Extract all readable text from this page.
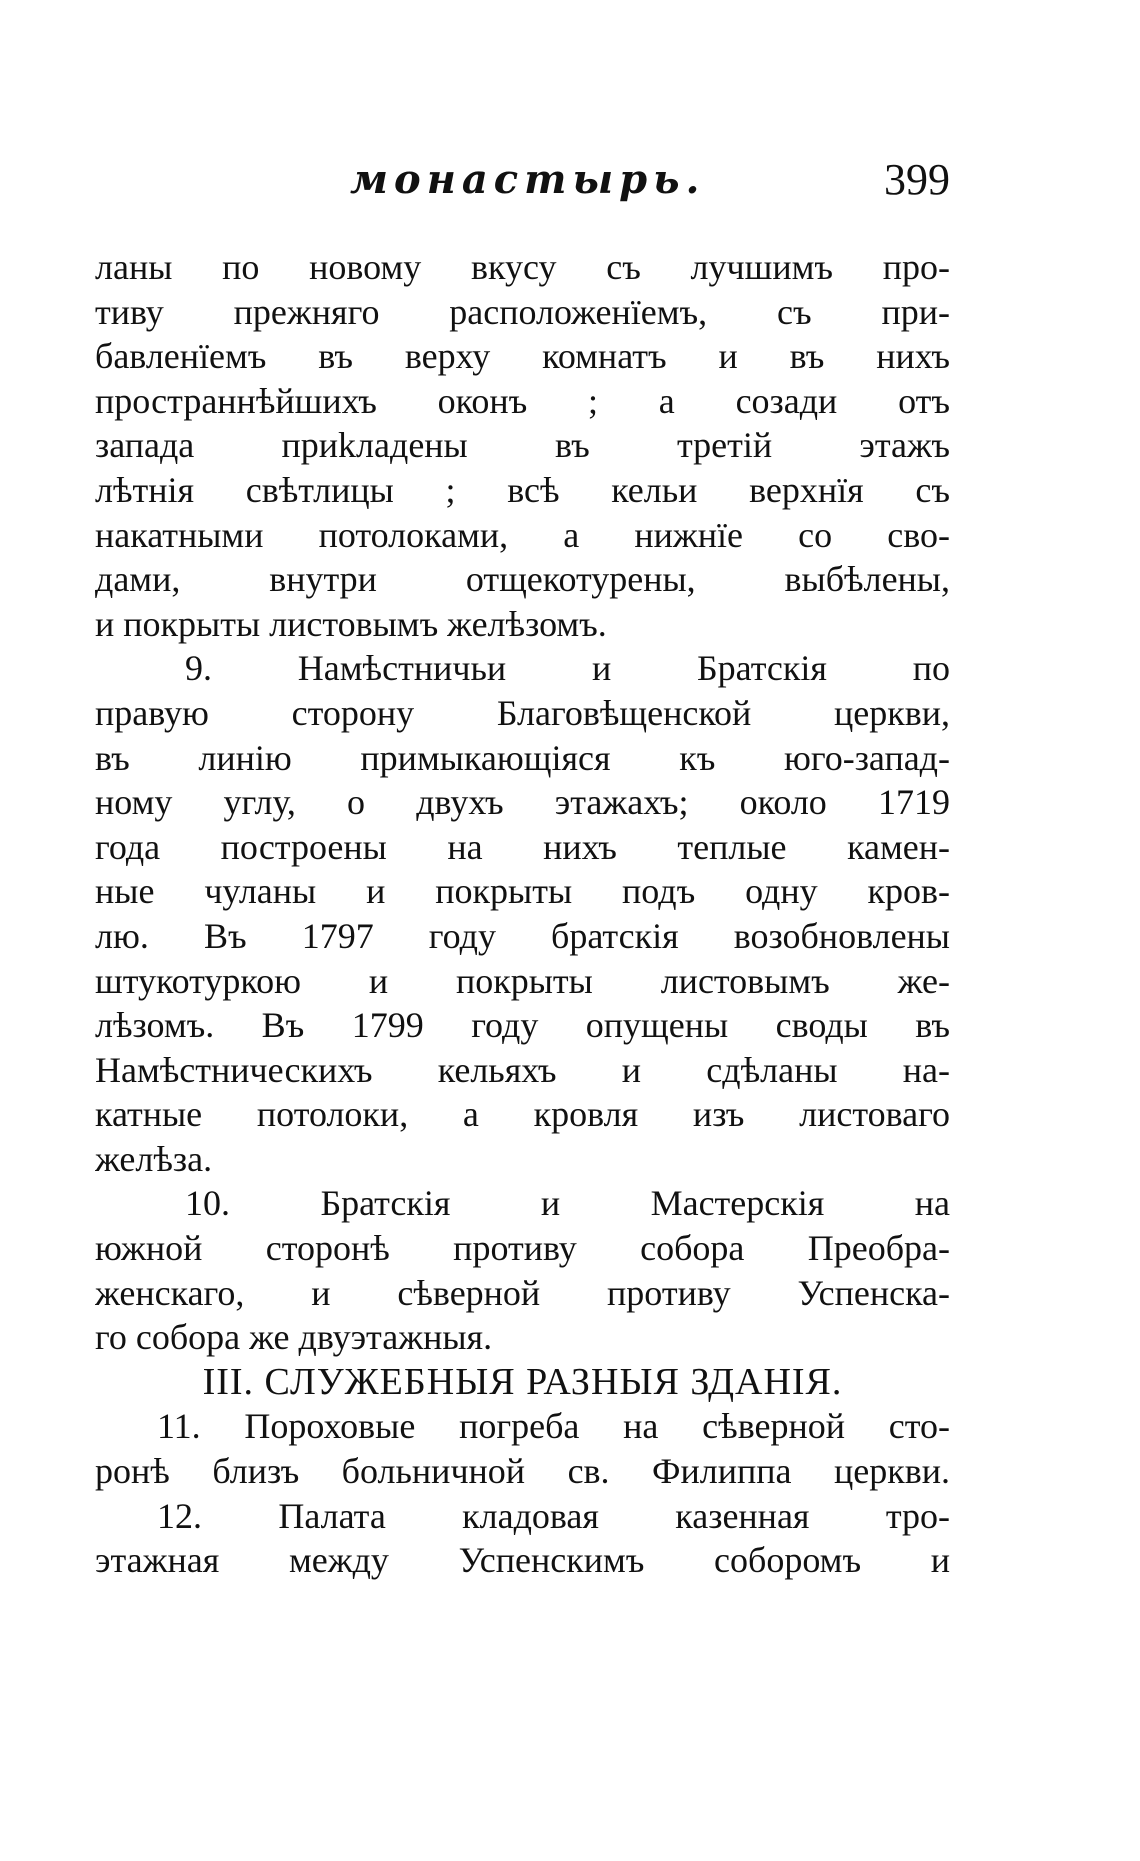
монастырь.	399
ланы по новому вкусу съ лучшимъ про-
тиву прежняго расположенїемъ, съ при-
бавленїемъ въ верху комнатъ и въ нихъ
пространнѣйшихъ оконъ ; а созади отъ
запада приkладены въ третiй этажъ
лѣтнiя свѣтлицы ; всѣ кельи верхнїя съ
накатными потолоками, а нижнїе со сво-
дами, внутри отщекотурены, выбѣлены,
и покрыты листовымъ желѣзомъ.
9. Намѣстничьи и Братскiя по
правую сторону Благовѣщенской церкви,
въ линiю примыкающiяся къ юго-запад-
ному углу, о двухъ этажахъ; около 1719
года построены на нихъ теплые камен-
ные чуланы и покрыты подъ одну кров-
лю. Въ 1797 году братскiя возобновлены
штукотуркою и покрыты листовымъ же-
лѣзомъ. Въ 1799 году опущены своды въ
Намѣстническихъ кельяхъ и сдѣланы на-
катные потолоки, а кровля изъ листоваго
желѣза.
10. Братскiя и Мастерскiя на
южной сторонѣ противу собора Преобра-
женскаго, и сѣверной противу Успенска-
го собора же двуэтажныя.
III. СЛУЖЕБНЫЯ РАЗНЫЯ ЗДАНIЯ.
11. Пороховые погреба на сѣверной сто-
ронѣ близъ больничной св. Филиппа церкви.
12. Палата кладовая казенная тро-
этажная между Успенскимъ соборомъ и
